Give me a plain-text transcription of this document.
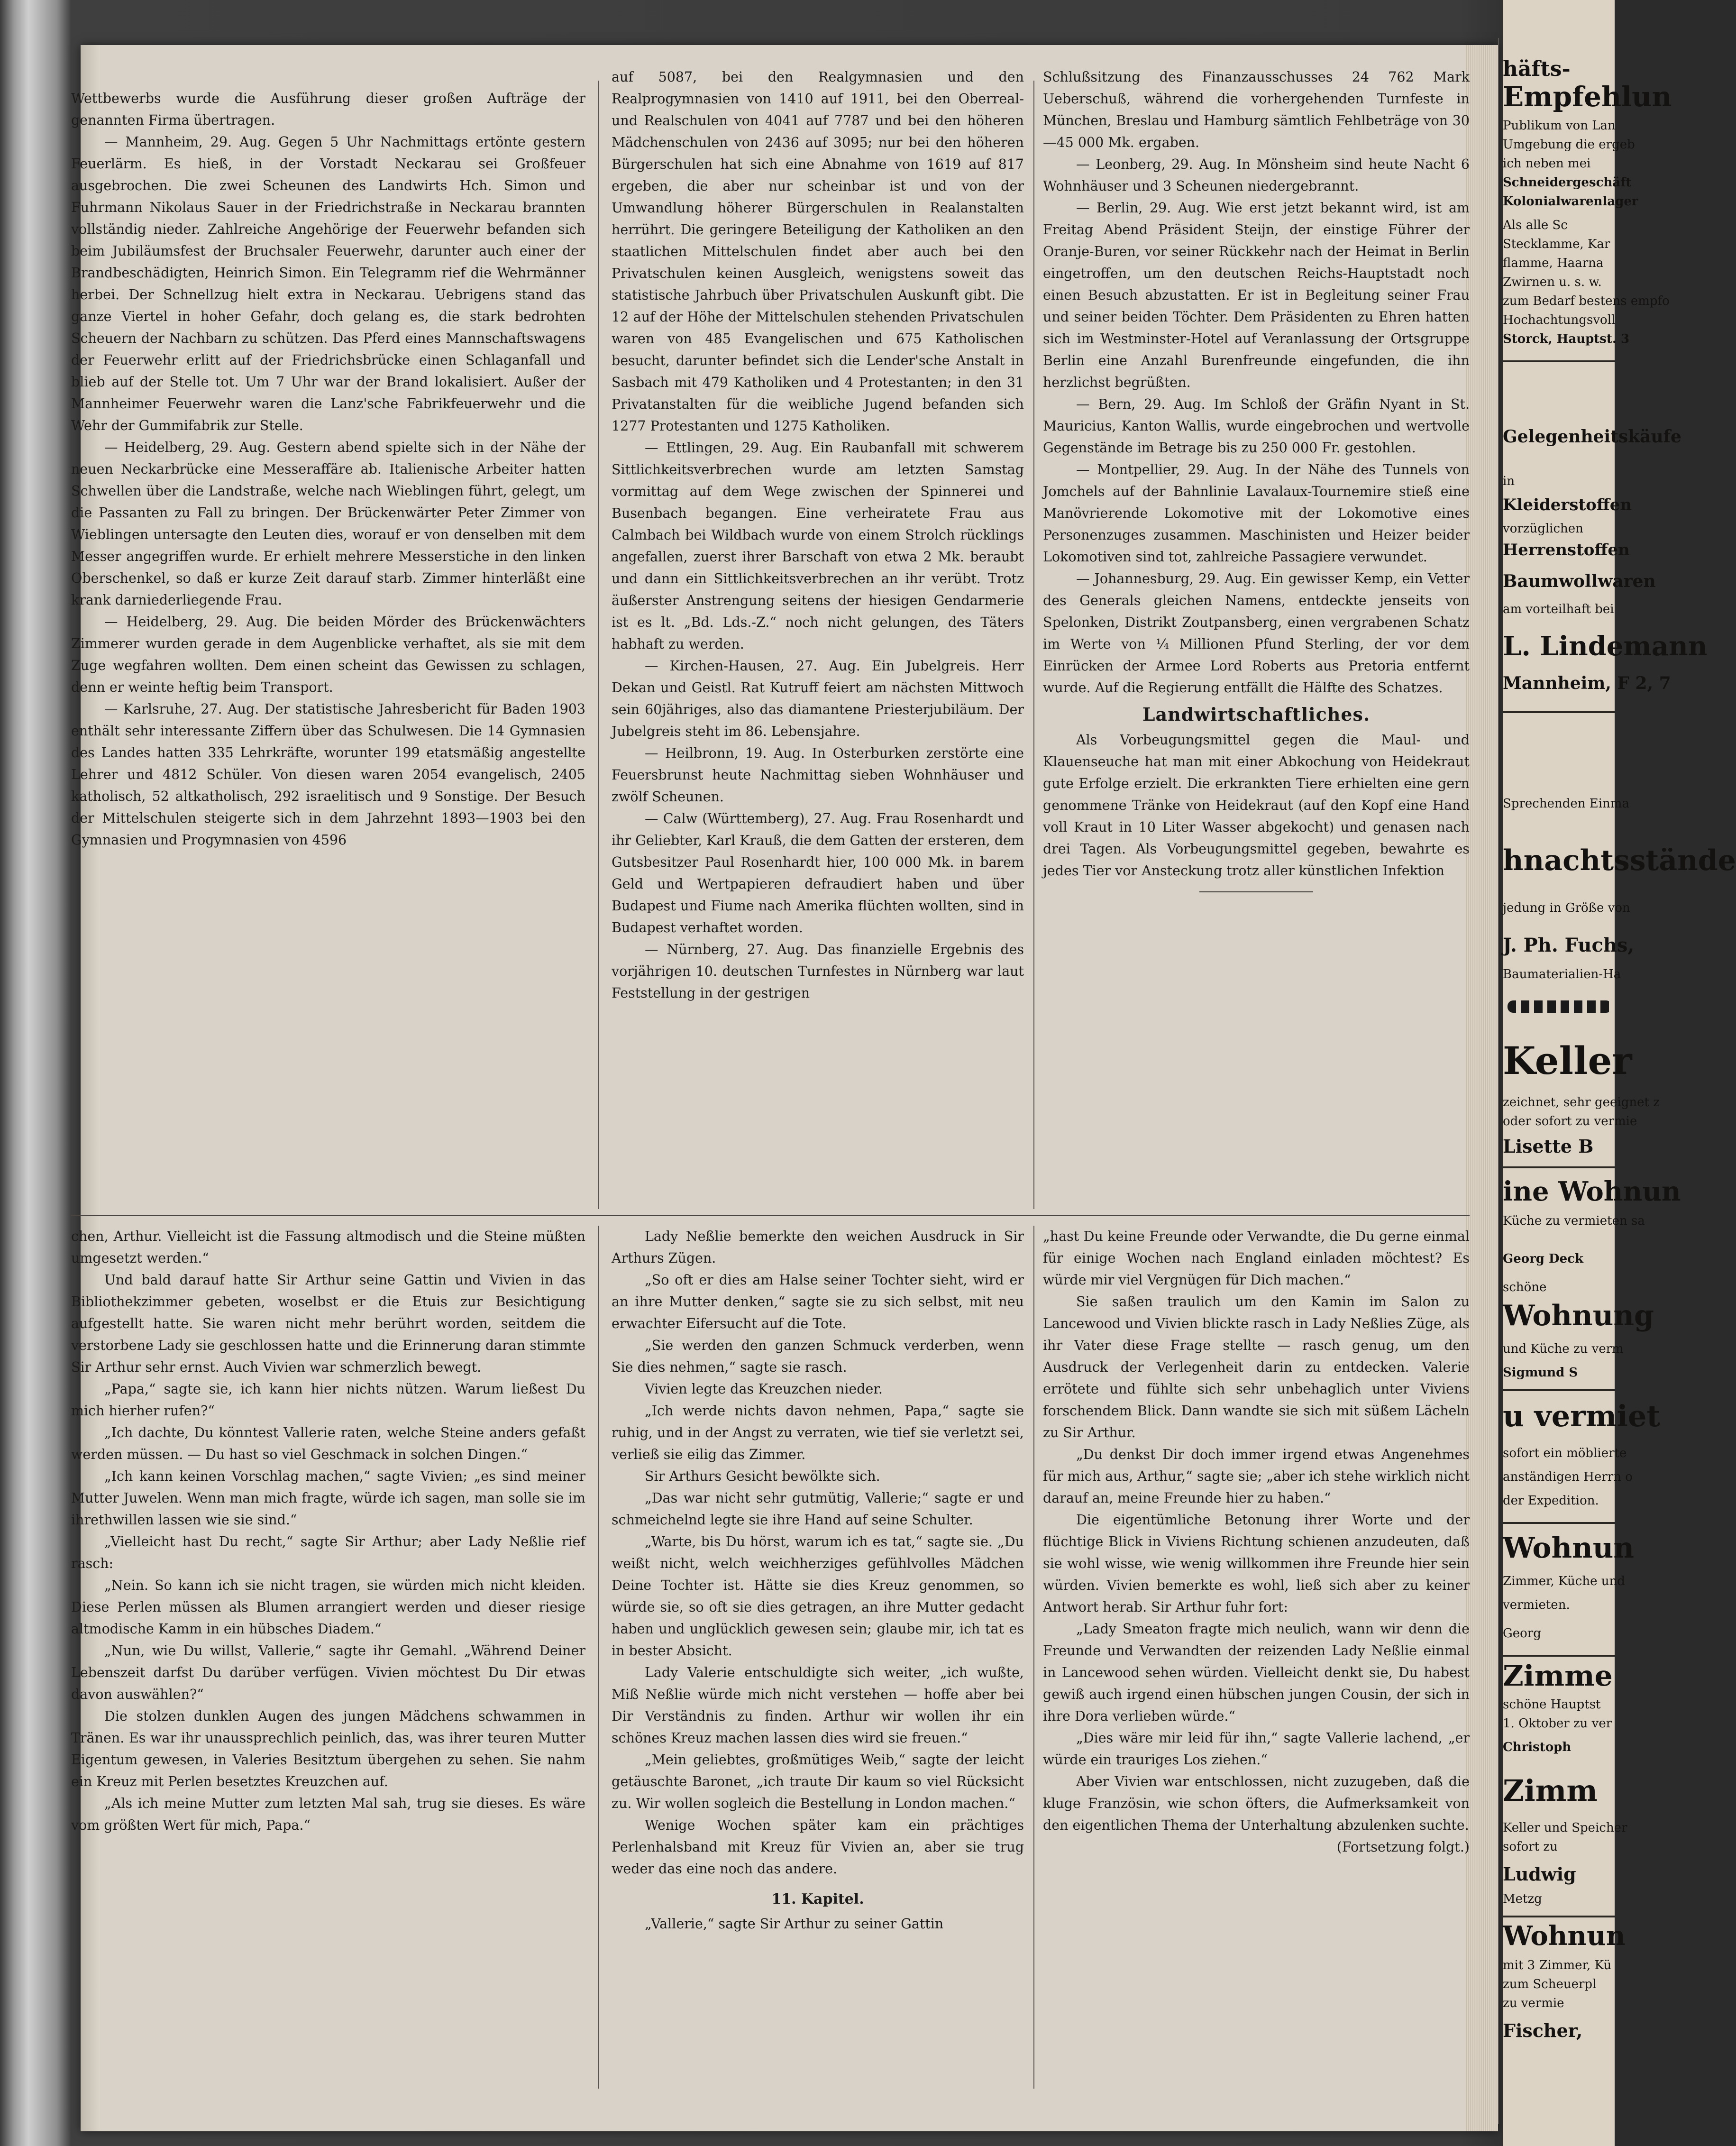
Wettbewerbs wurde die Ausführung dieser großen Aufträge der genannten Firma übertragen.

— Mannheim, 29. Aug. Gegen 5 Uhr Nachmittags ertönte gestern Feuerlärm. Es hieß, in der Vorstadt Neckarau sei Großfeuer ausgebrochen. Die zwei Scheunen des Landwirts Hch. Simon und Fuhrmann Nikolaus Sauer in der Friedrichstraße in Neckarau brannten vollständig nieder. Zahlreiche Angehörige der Feuerwehr befanden sich beim Jubiläumsfest der Bruchsaler Feuerwehr, darunter auch einer der Brandbeschädigten, Heinrich Simon. Ein Telegramm rief die Wehrmänner herbei. Der Schnellzug hielt extra in Neckarau. Uebrigens stand das ganze Viertel in hoher Gefahr, doch gelang es, die stark bedrohten Scheuern der Nachbarn zu schützen. Das Pferd eines Mannschaftswagens der Feuerwehr erlitt auf der Friedrichsbrücke einen Schlaganfall und blieb auf der Stelle tot. Um 7 Uhr war der Brand lokalisiert. Außer der Mannheimer Feuerwehr waren die Lanz'sche Fabrikfeuerwehr und die Wehr der Gummifabrik zur Stelle.

— Heidelberg, 29. Aug. Gestern abend spielte sich in der Nähe der neuen Neckarbrücke eine Messeraffäre ab. Italienische Arbeiter hatten Schwellen über die Landstraße, welche nach Wieblingen führt, gelegt, um die Passanten zu Fall zu bringen. Der Brückenwärter Peter Zimmer von Wieblingen untersagte den Leuten dies, worauf er von denselben mit dem Messer angegriffen wurde. Er erhielt mehrere Messerstiche in den linken Oberschenkel, so daß er kurze Zeit darauf starb. Zimmer hinterläßt eine krank darniederliegende Frau.

— Heidelberg, 29. Aug. Die beiden Mörder des Brückenwächters Zimmerer wurden gerade in dem Augenblicke verhaftet, als sie mit dem Zuge wegfahren wollten. Dem einen scheint das Gewissen zu schlagen, denn er weinte heftig beim Transport.

— Karlsruhe, 27. Aug. Der statistische Jahresbericht für Baden 1903 enthält sehr interessante Ziffern über das Schulwesen. Die 14 Gymnasien des Landes hatten 335 Lehrkräfte, worunter 199 etatsmäßig angestellte Lehrer und 4812 Schüler. Von diesen waren 2054 evangelisch, 2405 katholisch, 52 altkatholisch, 292 israelitisch und 9 Sonstige. Der Besuch der Mittelschulen steigerte sich in dem Jahrzehnt 1893—1903 bei den Gymnasien und Progymnasien von 4596

auf 5087, bei den Realgymnasien und den Realprogymnasien von 1410 auf 1911, bei den Oberreal- und Realschulen von 4041 auf 7787 und bei den höheren Mädchenschulen von 2436 auf 3095; nur bei den höheren Bürgerschulen hat sich eine Abnahme von 1619 auf 817 ergeben, die aber nur scheinbar ist und von der Umwandlung höherer Bürgerschulen in Realanstalten herrührt. Die geringere Beteiligung der Katholiken an den staatlichen Mittelschulen findet aber auch bei den Privatschulen keinen Ausgleich, wenigstens soweit das statistische Jahrbuch über Privatschulen Auskunft gibt. Die 12 auf der Höhe der Mittelschulen stehenden Privatschulen waren von 485 Evangelischen und 675 Katholischen besucht, darunter befindet sich die Lender'sche Anstalt in Sasbach mit 479 Katholiken und 4 Protestanten; in den 31 Privatanstalten für die weibliche Jugend befanden sich 1277 Protestanten und 1275 Katholiken.

— Ettlingen, 29. Aug. Ein Raubanfall mit schwerem Sittlichkeitsverbrechen wurde am letzten Samstag vormittag auf dem Wege zwischen der Spinnerei und Busenbach begangen. Eine verheiratete Frau aus Calmbach bei Wildbach wurde von einem Strolch rücklings angefallen, zuerst ihrer Barschaft von etwa 2 Mk. beraubt und dann ein Sittlichkeitsverbrechen an ihr verübt. Trotz äußerster Anstrengung seitens der hiesigen Gendarmerie ist es lt. „Bd. Lds.-Z.“ noch nicht gelungen, des Täters habhaft zu werden.

— Kirchen-Hausen, 27. Aug. Ein Jubelgreis. Herr Dekan und Geistl. Rat Kutruff feiert am nächsten Mittwoch sein 60jähriges, also das diamantene Priesterjubiläum. Der Jubelgreis steht im 86. Lebensjahre.

— Heilbronn, 19. Aug. In Osterburken zerstörte eine Feuersbrunst heute Nachmittag sieben Wohnhäuser und zwölf Scheunen.

— Calw (Württemberg), 27. Aug. Frau Rosenhardt und ihr Geliebter, Karl Krauß, die dem Gatten der ersteren, dem Gutsbesitzer Paul Rosenhardt hier, 100 000 Mk. in barem Geld und Wertpapieren defraudiert haben und über Budapest und Fiume nach Amerika flüchten wollten, sind in Budapest verhaftet worden.

— Nürnberg, 27. Aug. Das finanzielle Ergebnis des vorjährigen 10. deutschen Turnfestes in Nürnberg war laut Feststellung in der gestrigen

Schlußsitzung des Finanzausschusses 24 762 Mark Ueberschuß, während die vorhergehenden Turnfeste in München, Breslau und Hamburg sämtlich Fehlbeträge von 30—45 000 Mk. ergaben.

— Leonberg, 29. Aug. In Mönsheim sind heute Nacht 6 Wohnhäuser und 3 Scheunen niedergebrannt.

— Berlin, 29. Aug. Wie erst jetzt bekannt wird, ist am Freitag Abend Präsident Steijn, der einstige Führer der Oranje-Buren, vor seiner Rückkehr nach der Heimat in Berlin eingetroffen, um den deutschen Reichs-Hauptstadt noch einen Besuch abzustatten. Er ist in Begleitung seiner Frau und seiner beiden Töchter. Dem Präsidenten zu Ehren hatten sich im Westminster-Hotel auf Veranlassung der Ortsgruppe Berlin eine Anzahl Burenfreunde eingefunden, die ihn herzlichst begrüßten.

— Bern, 29. Aug. Im Schloß der Gräfin Nyant in St. Mauricius, Kanton Wallis, wurde eingebrochen und wertvolle Gegenstände im Betrage bis zu 250 000 Fr. gestohlen.

— Montpellier, 29. Aug. In der Nähe des Tunnels von Jomchels auf der Bahnlinie Lavalaux-Tournemire stieß eine Manövrierende Lokomotive mit der Lokomotive eines Personenzuges zusammen. Maschinisten und Heizer beider Lokomotiven sind tot, zahlreiche Passagiere verwundet.

— Johannesburg, 29. Aug. Ein gewisser Kemp, ein Vetter des Generals gleichen Namens, entdeckte jenseits von Spelonken, Distrikt Zoutpansberg, einen vergrabenen Schatz im Werte von ¼ Millionen Pfund Sterling, der vor dem Einrücken der Armee Lord Roberts aus Pretoria entfernt wurde. Auf die Regierung entfällt die Hälfte des Schatzes.

Landwirtschaftliches.

Als Vorbeugungsmittel gegen die Maul- und Klauenseuche hat man mit einer Abkochung von Heidekraut gute Erfolge erzielt. Die erkrankten Tiere erhielten eine gern genommene Tränke von Heidekraut (auf den Kopf eine Hand voll Kraut in 10 Liter Wasser abgekocht) und genasen nach drei Tagen. Als Vorbeugungsmittel gegeben, bewahrte es jedes Tier vor Ansteckung trotz aller künstlichen Infektion

chen, Arthur. Vielleicht ist die Fassung altmodisch und die Steine müßten umgesetzt werden.“

Und bald darauf hatte Sir Arthur seine Gattin und Vivien in das Bibliothekzimmer gebeten, woselbst er die Etuis zur Besichtigung aufgestellt hatte. Sie waren nicht mehr berührt worden, seitdem die verstorbene Lady sie geschlossen hatte und die Erinnerung daran stimmte Sir Arthur sehr ernst. Auch Vivien war schmerzlich bewegt.

„Papa,“ sagte sie, ich kann hier nichts nützen. Warum ließest Du mich hierher rufen?“

„Ich dachte, Du könntest Vallerie raten, welche Steine anders gefaßt werden müssen. — Du hast so viel Geschmack in solchen Dingen.“

„Ich kann keinen Vorschlag machen,“ sagte Vivien; „es sind meiner Mutter Juwelen. Wenn man mich fragte, würde ich sagen, man solle sie im ihrethwillen lassen wie sie sind.“

„Vielleicht hast Du recht,“ sagte Sir Arthur; aber Lady Neßlie rief rasch:

„Nein. So kann ich sie nicht tragen, sie würden mich nicht kleiden. Diese Perlen müssen als Blumen arrangiert werden und dieser riesige altmodische Kamm in ein hübsches Diadem.“

„Nun, wie Du willst, Vallerie,“ sagte ihr Gemahl. „Während Deiner Lebenszeit darfst Du darüber verfügen. Vivien möchtest Du Dir etwas davon auswählen?“

Die stolzen dunklen Augen des jungen Mädchens schwammen in Tränen. Es war ihr unaussprechlich peinlich, das, was ihrer teuren Mutter Eigentum gewesen, in Valeries Besitztum übergehen zu sehen. Sie nahm ein Kreuz mit Perlen besetztes Kreuzchen auf.

„Als ich meine Mutter zum letzten Mal sah, trug sie dieses. Es wäre vom größten Wert für mich, Papa.“

Lady Neßlie bemerkte den weichen Ausdruck in Sir Arthurs Zügen.

„So oft er dies am Halse seiner Tochter sieht, wird er an ihre Mutter denken,“ sagte sie zu sich selbst, mit neu erwachter Eifersucht auf die Tote.

„Sie werden den ganzen Schmuck verderben, wenn Sie dies nehmen,“ sagte sie rasch.

Vivien legte das Kreuzchen nieder.

„Ich werde nichts davon nehmen, Papa,“ sagte sie ruhig, und in der Angst zu verraten, wie tief sie verletzt sei, verließ sie eilig das Zimmer.

Sir Arthurs Gesicht bewölkte sich.

„Das war nicht sehr gutmütig, Vallerie;“ sagte er und schmeichelnd legte sie ihre Hand auf seine Schulter.

„Warte, bis Du hörst, warum ich es tat,“ sagte sie. „Du weißt nicht, welch weichherziges gefühlvolles Mädchen Deine Tochter ist. Hätte sie dies Kreuz genommen, so würde sie, so oft sie dies getragen, an ihre Mutter gedacht haben und unglücklich gewesen sein; glaube mir, ich tat es in bester Absicht.

Lady Valerie entschuldigte sich weiter, „ich wußte, Miß Neßlie würde mich nicht verstehen — hoffe aber bei Dir Verständnis zu finden. Arthur wir wollen ihr ein schönes Kreuz machen lassen dies wird sie freuen.“

„Mein geliebtes, großmütiges Weib,“ sagte der leicht getäuschte Baronet, „ich traute Dir kaum so viel Rücksicht zu. Wir wollen sogleich die Bestellung in London machen.“

Wenige Wochen später kam ein prächtiges Perlenhalsband mit Kreuz für Vivien an, aber sie trug weder das eine noch das andere.

11. Kapitel.

„Vallerie,“ sagte Sir Arthur zu seiner Gattin

„hast Du keine Freunde oder Verwandte, die Du gerne einmal für einige Wochen nach England einladen möchtest? Es würde mir viel Vergnügen für Dich machen.“

Sie saßen traulich um den Kamin im Salon zu Lancewood und Vivien blickte rasch in Lady Neßlies Züge, als ihr Vater diese Frage stellte — rasch genug, um den Ausdruck der Verlegenheit darin zu entdecken. Valerie errötete und fühlte sich sehr unbehaglich unter Viviens forschendem Blick. Dann wandte sie sich mit süßem Lächeln zu Sir Arthur.

„Du denkst Dir doch immer irgend etwas Angenehmes für mich aus, Arthur,“ sagte sie; „aber ich stehe wirklich nicht darauf an, meine Freunde hier zu haben.“

Die eigentümliche Betonung ihrer Worte und der flüchtige Blick in Viviens Richtung schienen anzudeuten, daß sie wohl wisse, wie wenig willkommen ihre Freunde hier sein würden. Vivien bemerkte es wohl, ließ sich aber zu keiner Antwort herab. Sir Arthur fuhr fort:

„Lady Smeaton fragte mich neulich, wann wir denn die Freunde und Verwandten der reizenden Lady Neßlie einmal in Lancewood sehen würden. Vielleicht denkt sie, Du habest gewiß auch irgend einen hübschen jungen Cousin, der sich in ihre Dora verlieben würde.“

„Dies wäre mir leid für ihn,“ sagte Vallerie lachend, „er würde ein trauriges Los ziehen.“

Aber Vivien war entschlossen, nicht zuzugeben, daß die kluge Französin, wie schon öfters, die Aufmerksamkeit von den eigentlichen Thema der Unterhaltung abzulenken suchte.

(Fortsetzung folgt.)

häfts-
Empfehlun
Publikum von Lan
Umgebung die ergeb
ich neben mei
Schneidergeschäft
Kolonialwarenlager
Als alle Sc
Stecklamme, Kar
flamme, Haarna
Zwirnen u. s. w.
zum Bedarf bestens empfo
Hochachtungsvoll
Storck, Hauptst. 3
Gelegenheitskäufe
in
Kleiderstoffen
vorzüglichen
Herrenstoffen
Baumwollwaren
am vorteilhaft bei
L. Lindemann
Mannheim, F 2, 7
Sprechenden Einma
hnachtsstände
jedung in Größe von
J. Ph. Fuchs,
Baumaterialien-Ha
Keller
zeichnet, sehr geeignet z
oder sofort zu vermie
Lisette B
ine Wohnun
Küche zu vermieten sa
Georg Deck
schöne
Wohnung
und Küche zu verm
Sigmund S
u vermiet
sofort ein möblierte
anständigen Herrn o
der Expedition.
Wohnun
Zimmer, Küche und
vermieten.
Georg
Zimme
schöne Hauptst
1. Oktober zu ver
Christoph
Zimm
Keller und Speicher
sofort zu
Ludwig
Metzg
Wohnun
mit 3 Zimmer, Kü
zum Scheuerpl
zu vermie
Fischer,
